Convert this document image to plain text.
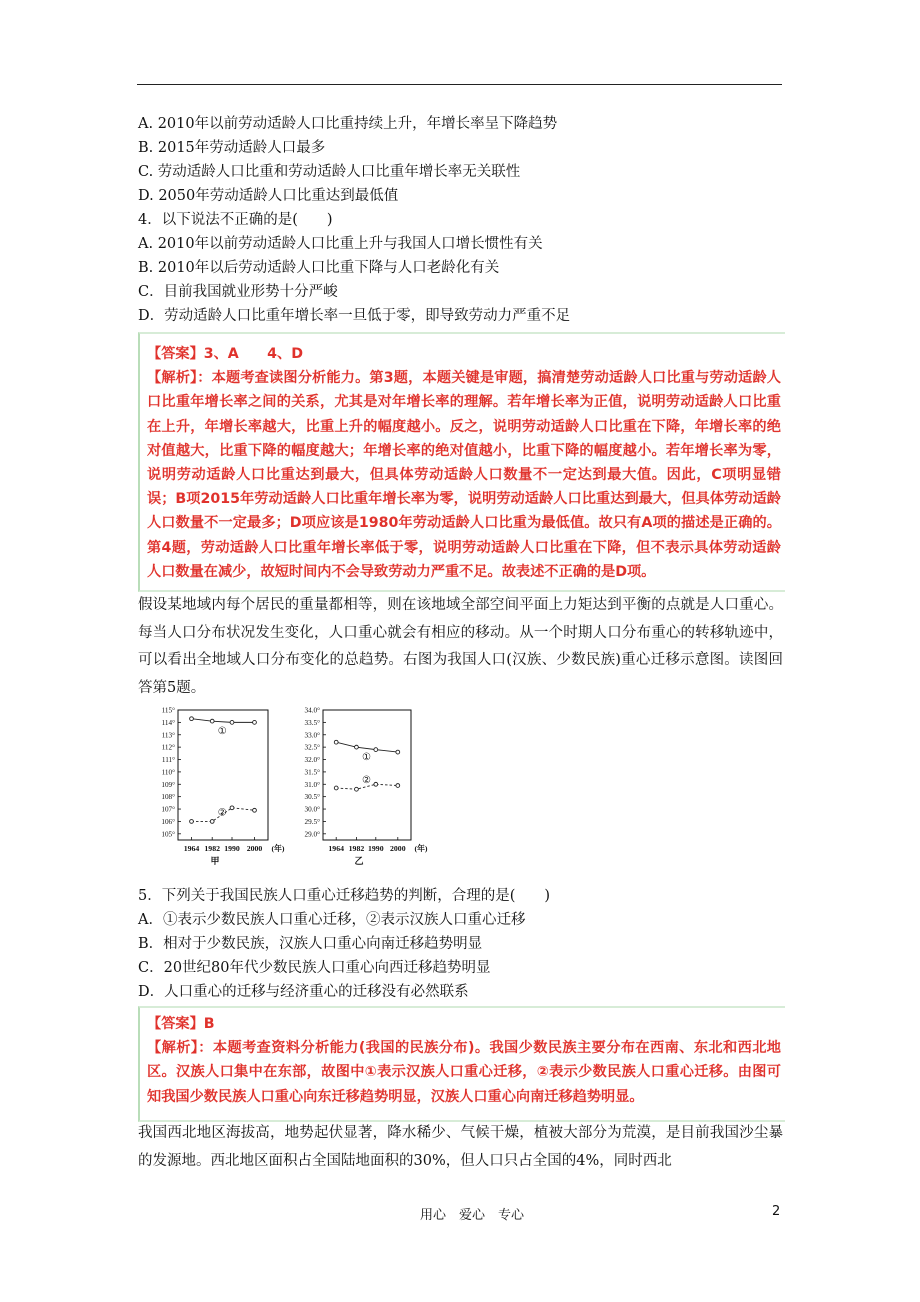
A. 2010年以前劳动适龄人口比重持续上升，年增长率呈下降趋势
B. 2015年劳动适龄人口最多
C. 劳动适龄人口比重和劳动适龄人口比重年增长率无关联性
D. 2050年劳动适龄人口比重达到最低值
4．以下说法不正确的是(　　)
A. 2010年以前劳动适龄人口比重上升与我国人口增长惯性有关
B. 2010年以后劳动适龄人口比重下降与人口老龄化有关
C．目前我国就业形势十分严峻
D．劳动适龄人口比重年增长率一旦低于零，即导致劳动力严重不足
【答案】3、A　　4、D
【解析】：本题考查读图分析能力。第3题，本题关键是审题，搞清楚劳动适龄人口比重与劳动适龄人口比重年增长率之间的关系，尤其是对年增长率的理解。若年增长率为正值，说明劳动适龄人口比重在上升，年增长率越大，比重上升的幅度越小。反之，说明劳动适龄人口比重在下降，年增长率的绝对值越大，比重下降的幅度越大；年增长率的绝对值越小，比重下降的幅度越小。若年增长率为零，说明劳动适龄人口比重达到最大，但具体劳动适龄人口数量不一定达到最大值。因此，C项明显错误；B项2015年劳动适龄人口比重年增长率为零，说明劳动适龄人口比重达到最大，但具体劳动适龄人口数量不一定最多；D项应该是1980年劳动适龄人口比重为最低值。故只有A项的描述是正确的。第4题，劳动适龄人口比重年增长率低于零，说明劳动适龄人口比重在下降，但不表示具体劳动适龄人口数量在减少，故短时间内不会导致劳动力严重不足。故表述不正确的是D项。
假设某地域内每个居民的重量都相等，则在该地域全部空间平面上力矩达到平衡的点就是人口重心。每当人口分布状况发生变化，人口重心就会有相应的移动。从一个时期人口分布重心的转移轨迹中，可以看出全地域人口分布变化的总趋势。右图为我国人口(汉族、少数民族)重心迁移示意图。读图回答第5题。
115°
114°
113°
112°
111°
110°
109°
108°
107°
106°
105°
1964 1982 1990 2000 (年)
甲
①
②
34.0°
33.5°
33.0°
32.5°
32.0°
31.5°
31.0°
30.5°
30.0°
29.5°
29.0°
1964 1982 1990 2000 (年)
乙
①
②
5．下列关于我国民族人口重心迁移趋势的判断，合理的是(　　)
A．①表示少数民族人口重心迁移，②表示汉族人口重心迁移
B．相对于少数民族，汉族人口重心向南迁移趋势明显
C．20世纪80年代少数民族人口重心向西迁移趋势明显
D．人口重心的迁移与经济重心的迁移没有必然联系
【答案】B
【解析】：本题考查资料分析能力(我国的民族分布)。我国少数民族主要分布在西南、东北和西北地区。汉族人口集中在东部，故图中①表示汉族人口重心迁移，②表示少数民族人口重心迁移。由图可知我国少数民族人口重心向东迁移趋势明显，汉族人口重心向南迁移趋势明显。
我国西北地区海拔高，地势起伏显著，降水稀少、气候干燥，植被大部分为荒漠，是目前我国沙尘暴的发源地。西北地区面积占全国陆地面积的30%，但人口只占全国的4%，同时西北
用心　爱心　专心	2
